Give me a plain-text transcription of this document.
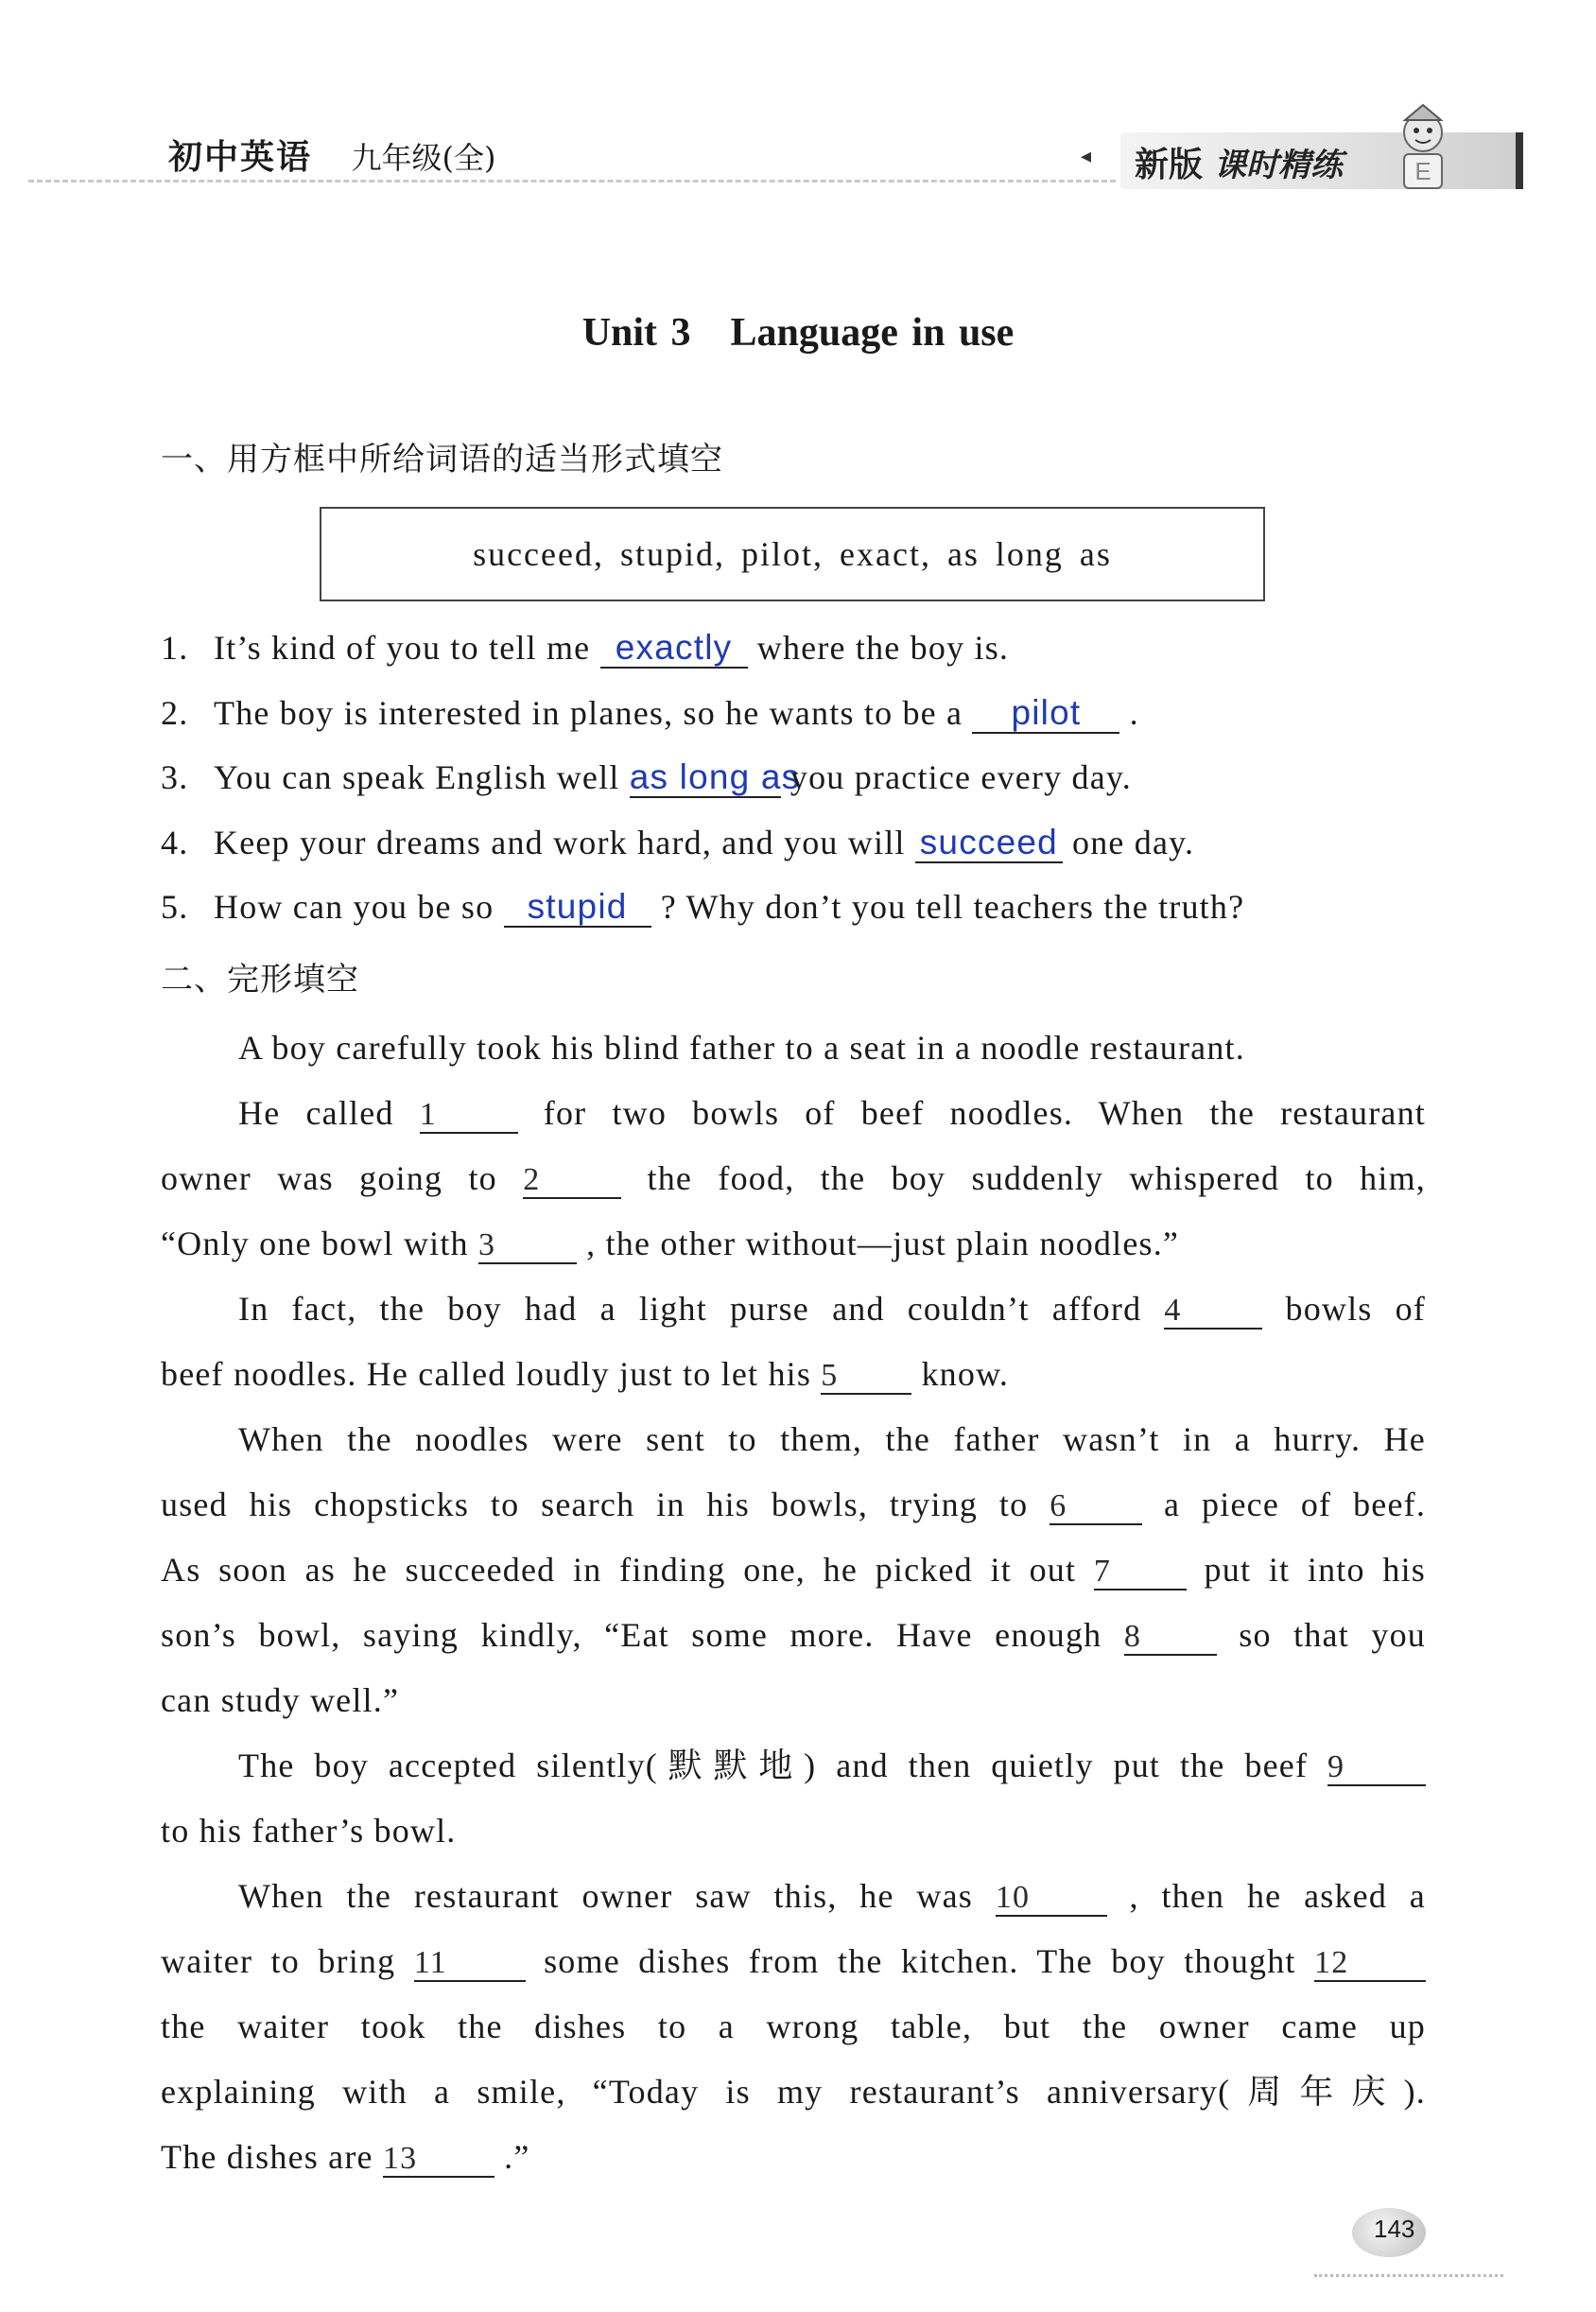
初中英语 九年级(全)	◂ 新版 课时精练	E
Unit 3　Language in use
一、用方框中所给词语的适当形式填空
succeed, stupid, pilot, exact, as long as
1. It’s kind of you to tell me exactly where the boy is.
2. The boy is interested in planes, so he wants to be a pilot .
3. You can speak English well as long as you practice every day.
4. Keep your dreams and work hard, and you will succeed one day.
5. How can you be so stupid ? Why don’t you tell teachers the truth?
二、完形填空
A boy carefully took his blind father to a seat in a noodle restaurant.
He called 1 for two bowls of beef noodles. When the restaurant
owner was going to 2 the food, the boy suddenly whispered to him,
“Only one bowl with 3 , the other without—just plain noodles.”
In fact, the boy had a light purse and couldn’t afford 4 bowls of
beef noodles. He called loudly just to let his 5 know.
When the noodles were sent to them, the father wasn’t in a hurry. He
used his chopsticks to search in his bowls, trying to 6 a piece of beef.
As soon as he succeeded in finding one, he picked it out 7 put it into his
son’s bowl, saying kindly, “Eat some more. Have enough 8 so that you
can study well.”
The boy accepted silently(默默地) and then quietly put the beef 9
to his father’s bowl.
When the restaurant owner saw this, he was 10 , then he asked a
waiter to bring 11 some dishes from the kitchen. The boy thought 12
the waiter took the dishes to a wrong table, but the owner came up
explaining with a smile, “Today is my restaurant’s anniversary(周年庆).
The dishes are 13 .”
143
